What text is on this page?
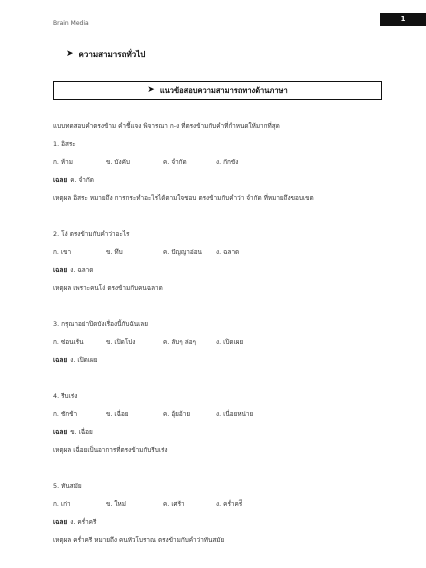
Brain Media
1
➤ ความสามารถทั่วไป
➤ แนวข้อสอบความสามารถทางด้านภาษา
แบบทดสอบคำตรงข้าม คำชี้แจง พิจารณา ก-ง ที่ตรงข้ามกับคำที่กำหนดให้มากที่สุด
1. อิสระ
ก. ห้าม	ข. บังคับ	ค. จำกัด	ง. กักขัง
เฉลย ค. จำกัด
เหตุผล อิสระ หมายถึง การกระทำอะไรได้ตามใจชอบ ตรงข้ามกับคำว่า จำกัด ที่หมายถึงขอบเขต
2. โง่ ตรงข้ามกับคำว่าอะไร
ก. เขา	ข. ทึบ	ค. ปัญญาอ่อน	ง. ฉลาด
เฉลย ง. ฉลาด
เหตุผล เพราะคนโง่ ตรงข้ามกับคนฉลาด
3. กรุณาอย่าปิดบังเรื่องนี้กับฉันเลย
ก. ซ่อนเร้น	ข. เปิดโปง	ค. ลับๆ ล่อๆ	ง. เปิดเผย
เฉลย ง. เปิดเผย
4. รีบเร่ง
ก. ชักช้า	ข. เฉื่อย	ค. อุ้ยอ้าย	ง. เนื่อยหน่าย
เฉลย ข. เฉื่อย
เหตุผล เฉื่อยเป็นอาการที่ตรงข้ามกับรีบเร่ง
5. ทันสมัย
ก. เก่า	ข. ใหม่	ค. เศร้า	ง. คร่ำคร่ี
เฉลย ง. คร่ำครี
เหตุผล คร่ำครี หมายถึง คนหัวโบราณ ตรงข้ามกับคำว่าทันสมัย
